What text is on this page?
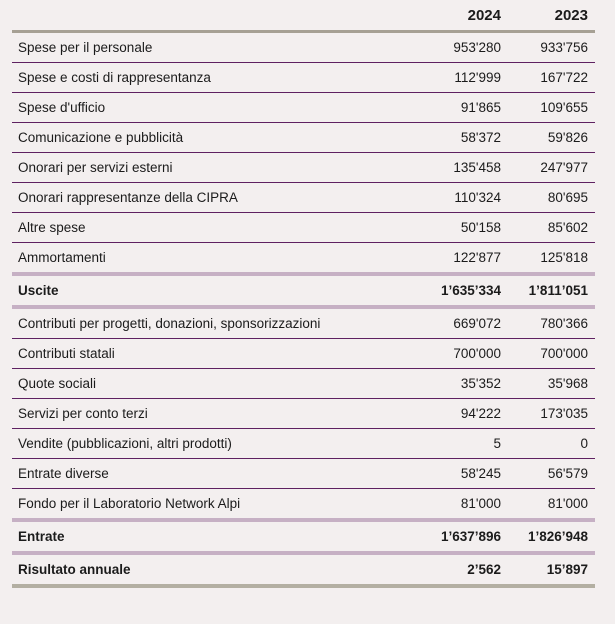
	2024	2023
Spese per il personale	953'280	933'756
Spese e costi di rappresentanza	112'999	167'722
Spese d'ufficio	91'865	109'655
Comunicazione e pubblicità	58'372	59'826
Onorari per servizi esterni	135'458	247'977
Onorari rappresentanze della CIPRA	110'324	80'695
Altre spese	50'158	85'602
Ammortamenti	122'877	125'818
Uscite	1’635’334	1’811’051
Contributi per progetti, donazioni, sponsorizzazioni	669'072	780'366
Contributi statali	700'000	700'000
Quote sociali	35'352	35'968
Servizi per conto terzi	94'222	173'035
Vendite (pubblicazioni, altri prodotti)	5	0
Entrate diverse	58'245	56'579
Fondo per il Laboratorio Network Alpi	81'000	81'000
Entrate	1’637’896	1’826’948
Risultato annuale	2’562	15’897
